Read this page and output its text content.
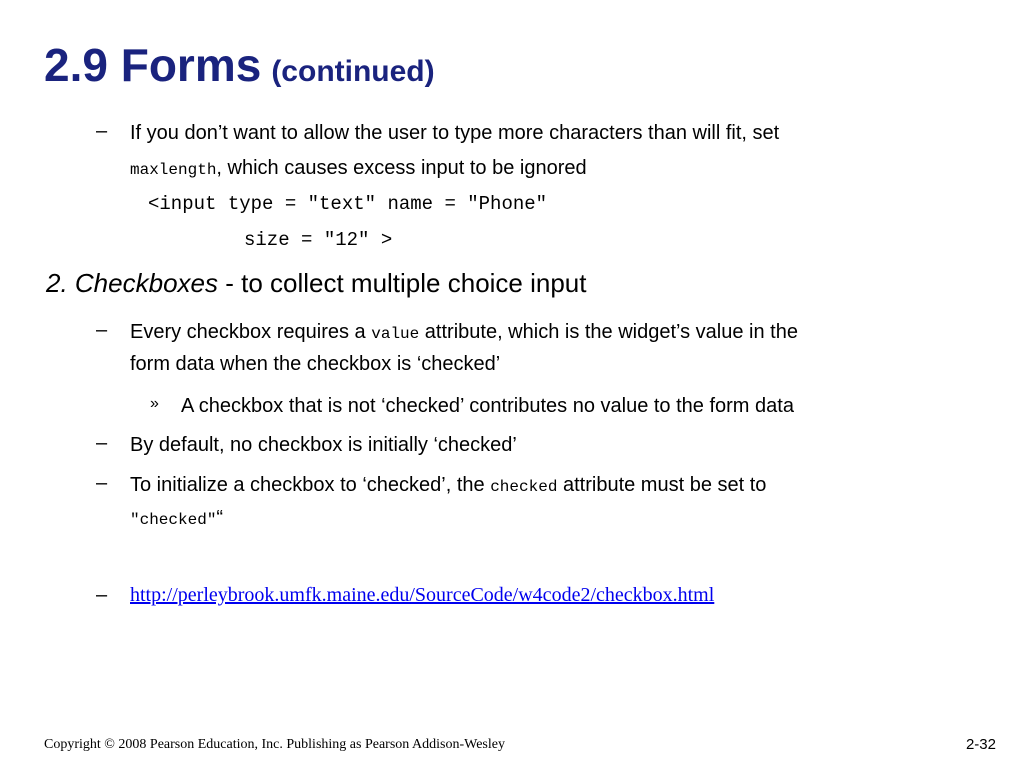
2.9 Forms (continued)
– If you don’t want to allow the user to type more characters than will fit, set
maxlength, which causes excess input to be ignored
<input type = "text" name = "Phone"
size = "12" >
2. Checkboxes - to collect multiple choice input
– Every checkbox requires a value attribute, which is the widget’s value in the
form data when the checkbox is ‘checked’
» A checkbox that is not ‘checked’ contributes no value to the form data
– By default, no checkbox is initially ‘checked’
– To initialize a checkbox to ‘checked’, the checked attribute must be set to
"checked"“
– http://perleybrook.umfk.maine.edu/SourceCode/w4code2/checkbox.html
Copyright © 2008 Pearson Education, Inc. Publishing as Pearson Addison-Wesley	2-32
